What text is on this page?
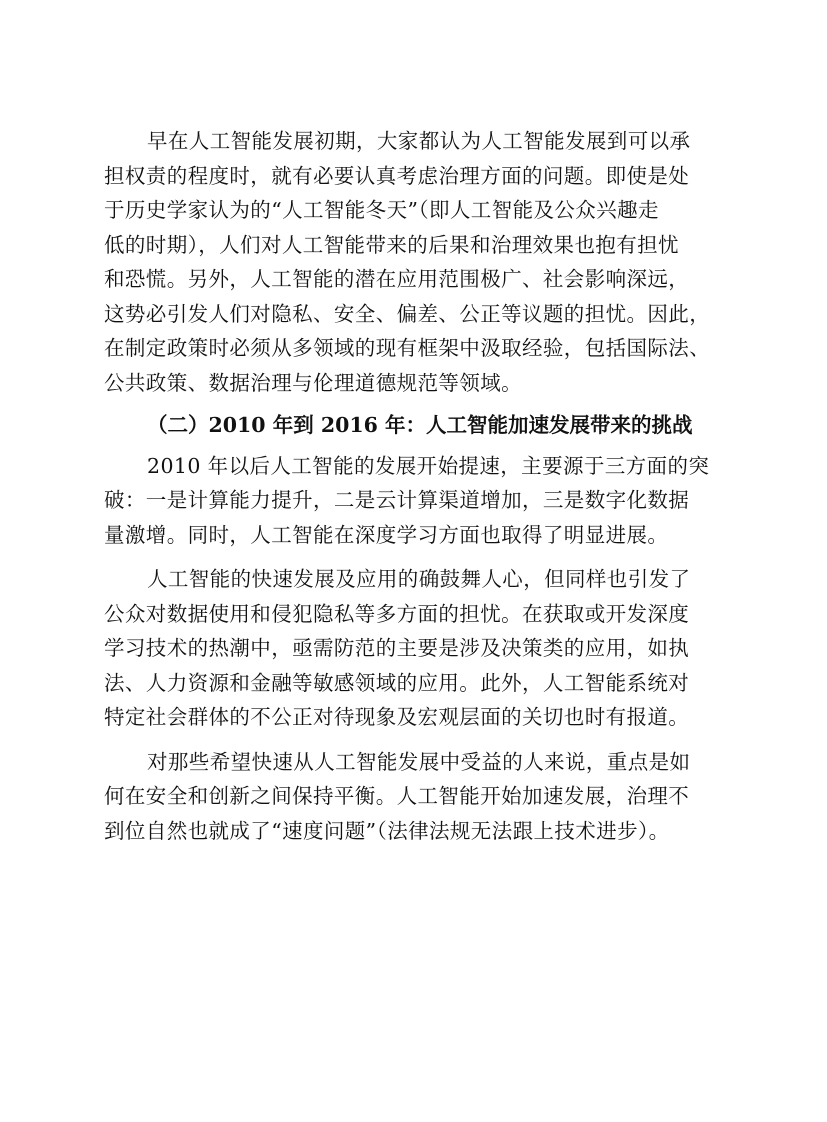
早在人工智能发展初期，大家都认为人工智能发展到可以承
担权责的程度时，就有必要认真考虑治理方面的问题。即使是处
于历史学家认为的“人工智能冬天”（即人工智能及公众兴趣走
低的时期），人们对人工智能带来的后果和治理效果也抱有担忧
和恐慌。另外，人工智能的潜在应用范围极广、社会影响深远，
这势必引发人们对隐私、安全、偏差、公正等议题的担忧。因此，
在制定政策时必须从多领域的现有框架中汲取经验，包括国际法、
公共政策、数据治理与伦理道德规范等领域。
（二）2010 年到 2016 年：人工智能加速发展带来的挑战
2010 年以后人工智能的发展开始提速，主要源于三方面的突
破：一是计算能力提升，二是云计算渠道增加，三是数字化数据
量激增。同时，人工智能在深度学习方面也取得了明显进展。
人工智能的快速发展及应用的确鼓舞人心，但同样也引发了
公众对数据使用和侵犯隐私等多方面的担忧。在获取或开发深度
学习技术的热潮中，亟需防范的主要是涉及决策类的应用，如执
法、人力资源和金融等敏感领域的应用。此外，人工智能系统对
特定社会群体的不公正对待现象及宏观层面的关切也时有报道。
对那些希望快速从人工智能发展中受益的人来说，重点是如
何在安全和创新之间保持平衡。人工智能开始加速发展，治理不
到位自然也就成了“速度问题”（法律法规无法跟上技术进步）。
